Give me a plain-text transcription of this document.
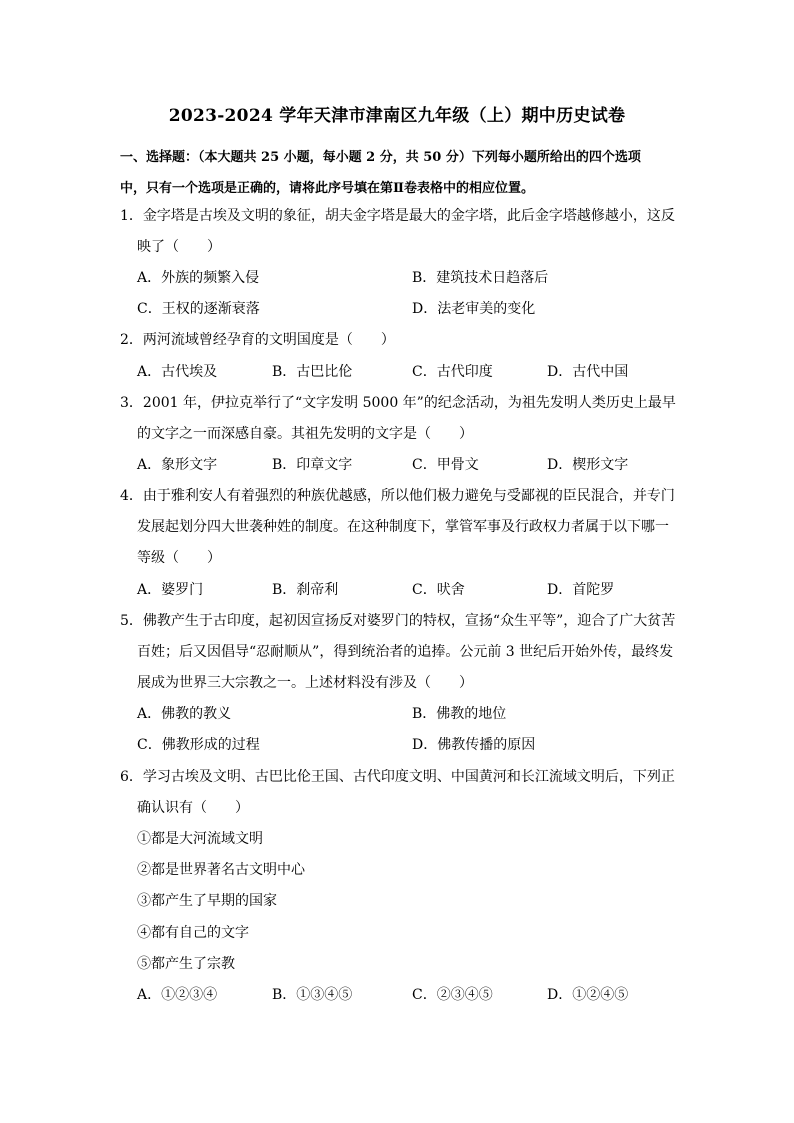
2023-2024 学年天津市津南区九年级（上）期中历史试卷
一、选择题：（本大题共 25 小题，每小题 2 分，共 50 分）下列每小题所给出的四个选项
中，只有一个选项是正确的，请将此序号填在第Ⅱ卷表格中的相应位置。
1．金字塔是古埃及文明的象征，胡夫金字塔是最大的金字塔，此后金字塔越修越小，这反
映了（　　）
A．外族的频繁入侵	B．建筑技术日趋落后
C．王权的逐渐衰落	D．法老审美的变化
2．两河流域曾经孕育的文明国度是（　　）
A．古代埃及	B．古巴比伦	C．古代印度	D．古代中国
3．2001 年，伊拉克举行了“文字发明 5000 年”的纪念活动，为祖先发明人类历史上最早
的文字之一而深感自豪。其祖先发明的文字是（　　）
A．象形文字	B．印章文字	C．甲骨文	D．楔形文字
4．由于雅利安人有着强烈的种族优越感，所以他们极力避免与受鄙视的臣民混合，并专门
发展起划分四大世袭种姓的制度。在这种制度下，掌管军事及行政权力者属于以下哪一
等级（　　）
A．婆罗门	B．刹帝利	C．吠舍	D．首陀罗
5．佛教产生于古印度，起初因宣扬反对婆罗门的特权，宣扬“众生平等”，迎合了广大贫苦
百姓；后又因倡导“忍耐顺从”，得到统治者的追捧。公元前 3 世纪后开始外传，最终发
展成为世界三大宗教之一。上述材料没有涉及（　　）
A．佛教的教义	B．佛教的地位
C．佛教形成的过程	D．佛教传播的原因
6．学习古埃及文明、古巴比伦王国、古代印度文明、中国黄河和长江流域文明后，下列正
确认识有（　　）
①都是大河流域文明
②都是世界著名古文明中心
③都产生了早期的国家
④都有自己的文字
⑤都产生了宗教
A．①②③④	B．①③④⑤	C．②③④⑤	D．①②④⑤
